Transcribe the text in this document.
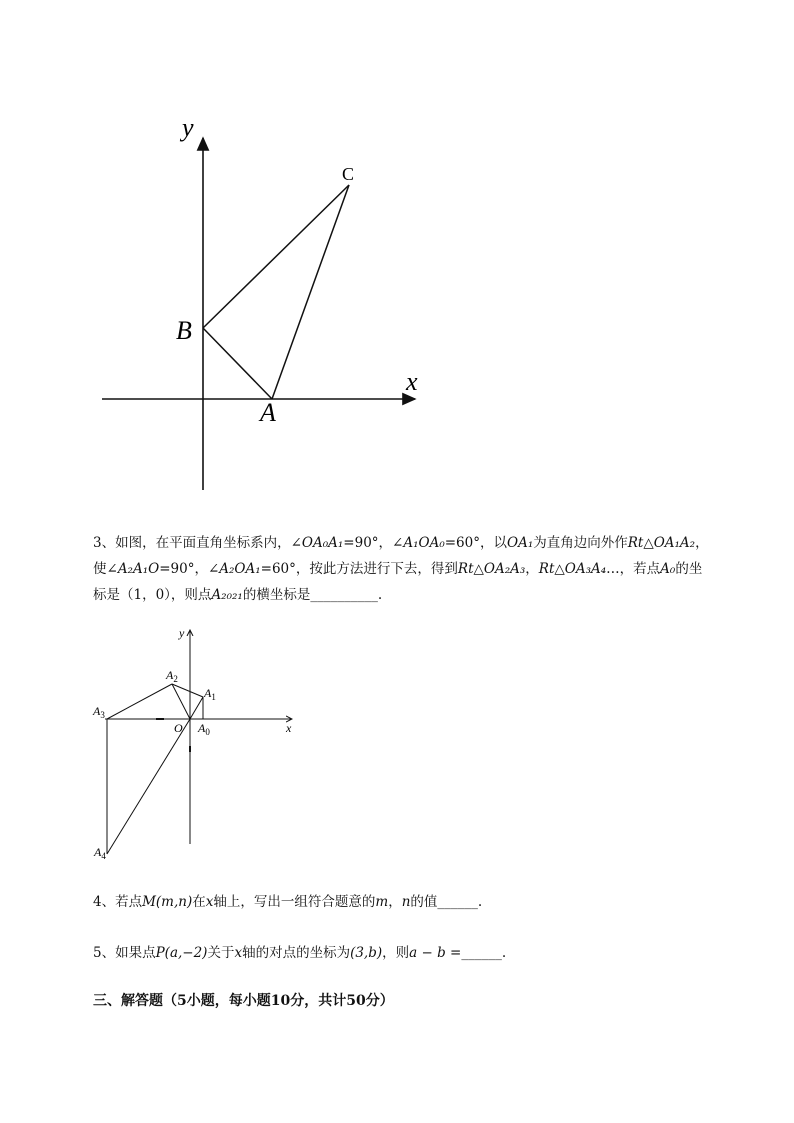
y
x
B
A
C
3、如图，在平面直角坐标系内，∠OA₀A₁=90°，∠A₁OA₀=60°，以OA₁为直角边向外作Rt△OA₁A₂，
使∠A₂A₁O=90°，∠A₂OA₁=60°，按此方法进行下去，得到Rt△OA₂A₃，Rt△OA₃A₄…，若点A₀的坐
标是（1，0），则点A₂₀₂₁的横坐标是__________.
y
x
O $A_0$
$A_1$
$A_2$
$A_3$
$A_4$
4、若点M(m,n)在x轴上，写出一组符合题意的m，n的值______.
5、如果点P(a,−2)关于x轴的对点的坐标为(3,b)，则a − b =______.
三、解答题（5小题，每小题10分，共计50分）
